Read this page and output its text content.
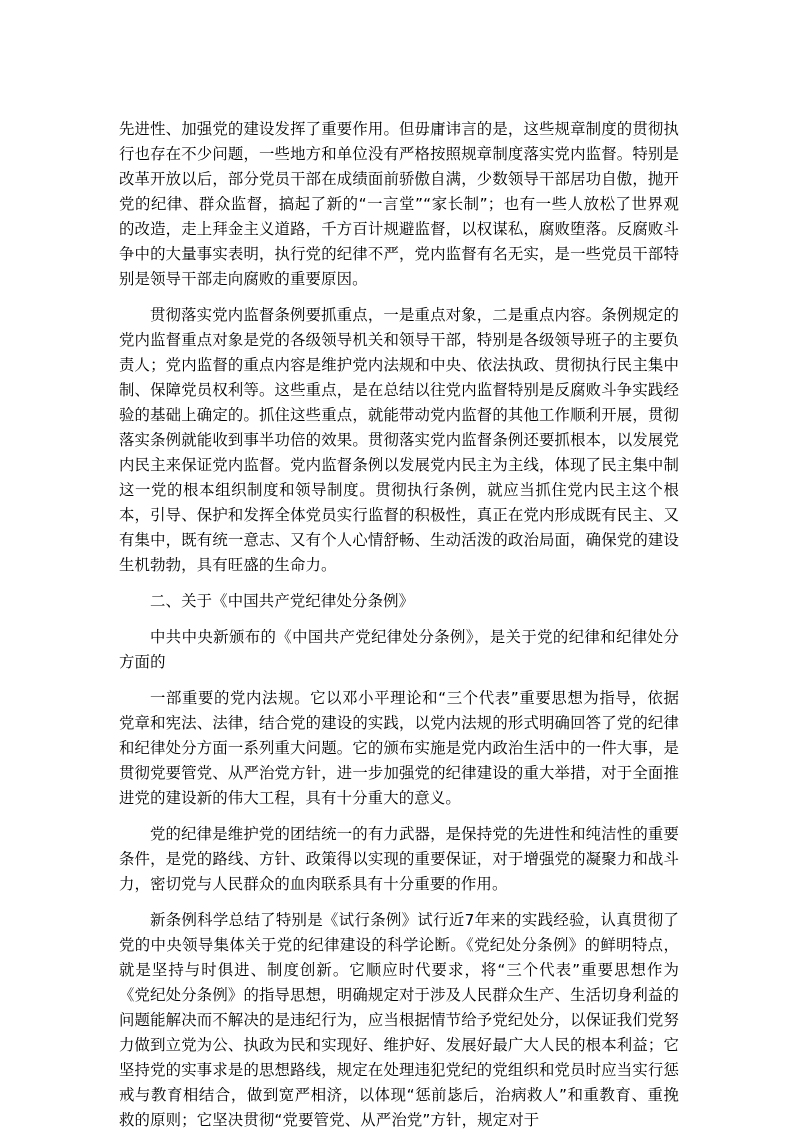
先进性、加强党的建设发挥了重要作用。但毋庸讳言的是，这些规章制度的贯彻执行也存在不少问题，一些地方和单位没有严格按照规章制度落实党内监督。特别是改革开放以后，部分党员干部在成绩面前骄傲自满，少数领导干部居功自傲，抛开党的纪律、群众监督，搞起了新的“一言堂”“家长制”；也有一些人放松了世界观的改造，走上拜金主义道路，千方百计规避监督，以权谋私，腐败堕落。反腐败斗争中的大量事实表明，执行党的纪律不严，党内监督有名无实，是一些党员干部特别是领导干部走向腐败的重要原因。

贯彻落实党内监督条例要抓重点，一是重点对象，二是重点内容。条例规定的党内监督重点对象是党的各级领导机关和领导干部，特别是各级领导班子的主要负责人；党内监督的重点内容是维护党内法规和中央、依法执政、贯彻执行民主集中制、保障党员权利等。这些重点，是在总结以往党内监督特别是反腐败斗争实践经验的基础上确定的。抓住这些重点，就能带动党内监督的其他工作顺利开展，贯彻落实条例就能收到事半功倍的效果。贯彻落实党内监督条例还要抓根本，以发展党内民主来保证党内监督。党内监督条例以发展党内民主为主线，体现了民主集中制这一党的根本组织制度和领导制度。贯彻执行条例，就应当抓住党内民主这个根本，引导、保护和发挥全体党员实行监督的积极性，真正在党内形成既有民主、又有集中，既有统一意志、又有个人心情舒畅、生动活泼的政治局面，确保党的建设生机勃勃，具有旺盛的生命力。

二、关于《中国共产党纪律处分条例》

中共中央新颁布的《中国共产党纪律处分条例》，是关于党的纪律和纪律处分方面的

一部重要的党内法规。它以邓小平理论和“三个代表”重要思想为指导，依据党章和宪法、法律，结合党的建设的实践，以党内法规的形式明确回答了党的纪律和纪律处分方面一系列重大问题。它的颁布实施是党内政治生活中的一件大事，是贯彻党要管党、从严治党方针，进一步加强党的纪律建设的重大举措，对于全面推进党的建设新的伟大工程，具有十分重大的意义。

党的纪律是维护党的团结统一的有力武器，是保持党的先进性和纯洁性的重要条件，是党的路线、方针、政策得以实现的重要保证，对于增强党的凝聚力和战斗力，密切党与人民群众的血肉联系具有十分重要的作用。

新条例科学总结了特别是《试行条例》试行近7年来的实践经验，认真贯彻了党的中央领导集体关于党的纪律建设的科学论断。《党纪处分条例》的鲜明特点，就是坚持与时俱进、制度创新。它顺应时代要求，将“三个代表”重要思想作为《党纪处分条例》的指导思想，明确规定对于涉及人民群众生产、生活切身利益的问题能解决而不解决的是违纪行为，应当根据情节给予党纪处分，以保证我们党努力做到立党为公、执政为民和实现好、维护好、发展好最广大人民的根本利益；它坚持党的实事求是的思想路线，规定在处理违犯党纪的党组织和党员时应当实行惩戒与教育相结合，做到宽严相济，以体现“惩前毖后，治病救人”和重教育、重挽救的原则；它坚决贯彻“党要管党、从严治党”方针，规定对于
